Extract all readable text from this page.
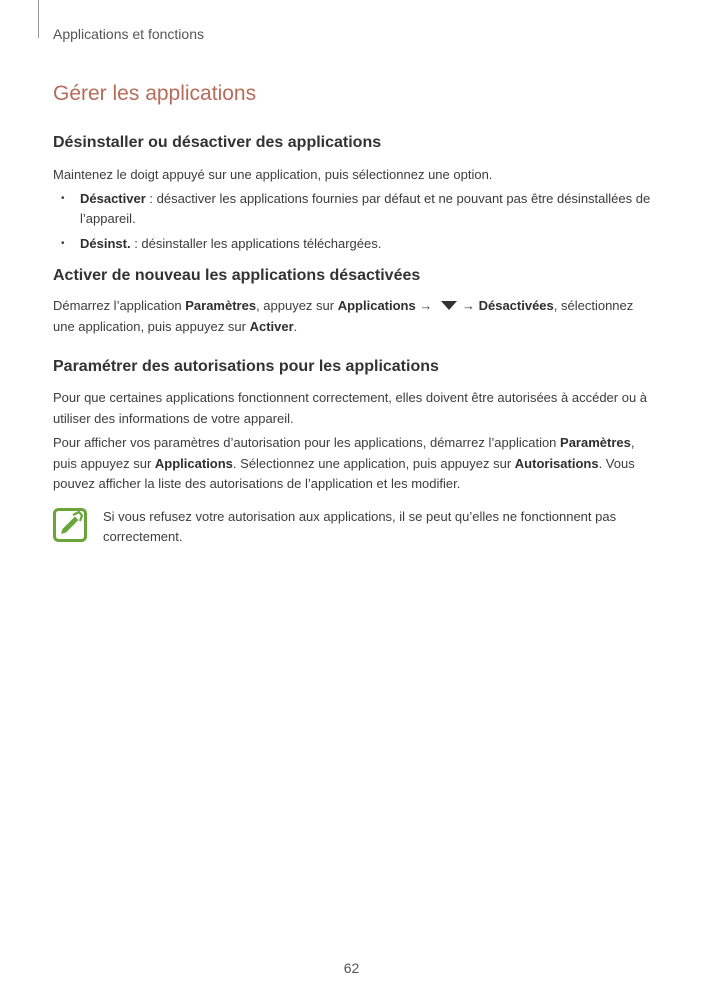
Applications et fonctions
Gérer les applications
Désinstaller ou désactiver des applications

Maintenez le doigt appuyé sur une application, puis sélectionnez une option.

• Désactiver : désactiver les applications fournies par défaut et ne pouvant pas être désinstallées de l’appareil.
• Désinst. : désinstaller les applications téléchargées.
Activer de nouveau les applications désactivées

Démarrez l’application Paramètres, appuyez sur Applications → → Désactivées, sélectionnez une application, puis appuyez sur Activer.

Paramétrer des autorisations pour les applications

Pour que certaines applications fonctionnent correctement, elles doivent être autorisées à accéder ou à utiliser des informations de votre appareil.

Pour afficher vos paramètres d’autorisation pour les applications, démarrez l’application Paramètres, puis appuyez sur Applications. Sélectionnez une application, puis appuyez sur Autorisations. Vous pouvez afficher la liste des autorisations de l’application et les modifier.

Si vous refusez votre autorisation aux applications, il se peut qu’elles ne fonctionnent pas correctement.

62
